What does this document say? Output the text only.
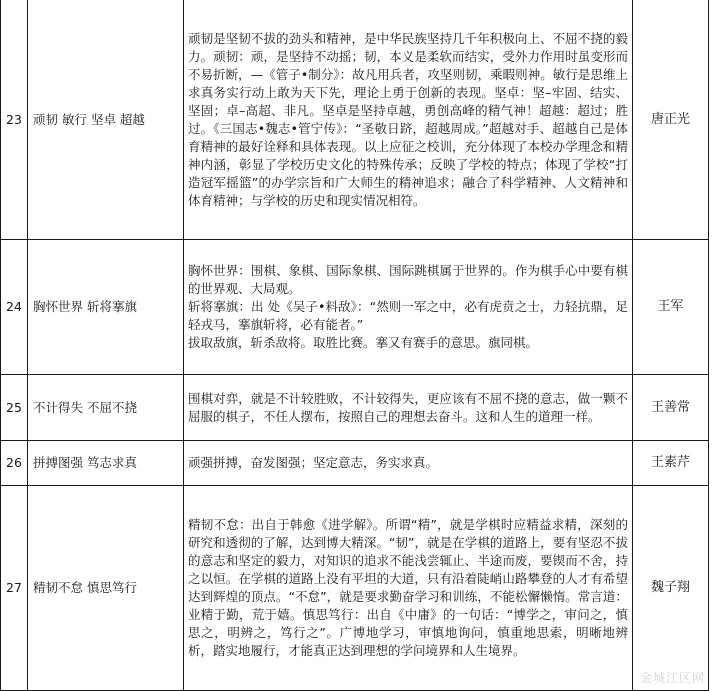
23	顽韧 敏行 坚卓 超越	顽韧是坚韧不拔的劲头和精神，是中华民族坚持几千年积极向上、不屈不挠的毅力。顽韧：顽，是坚持不动摇；韧，本义是柔软而结实，受外力作用时虽变形而不易折断，—《管子•制分》：故凡用兵者，攻坚则韧，乘暇则神。敏行是思维上求真务实行动上敢为天下先，理论上勇于创新的表现。坚卓：坚–牢固、结实、坚固；卓–高超、非凡。坚卓是坚持卓越，勇创高峰的精气神！超越：超过；胜过。《三国志•魏志•管宁传》：“圣敬日跻，超越周成。”超越对手、超越自己是体育精神的最好诠释和具体表现。以上应征之校训，充分体现了本校办学理念和精神内涵，彰显了学校历史文化的特殊传承；反映了学校的特点；体现了学校“打造冠军摇篮”的办学宗旨和广大师生的精神追求；融合了科学精神、人文精神和体育精神；与学校的历史和现实情况相符。	唐正光
24	胸怀世界 斩将搴旗	胸怀世界：围棋、象棋、国际象棋、国际跳棋属于世界的。作为棋手心中要有棋的世界观、大局观。

斩将搴旗：出 处《吴子•料敌》：“然则一军之中，必有虎贲之士，力轻抗鼎，足轻戎马，搴旗斩将，必有能者。”

拔取敌旗，斩杀敌将。取胜比赛。搴又有赛手的意思。旗同棋。	王军
25	不计得失 不屈不挠	围棋对弈，就是不计较胜败，不计较得失，更应该有不屈不挠的意志，做一颗不屈服的棋子，不任人摆布，按照自己的理想去奋斗。这和人生的道理一样。	王善常
26	拼搏图强 笃志求真	顽强拼搏，奋发图强；坚定意志，务实求真。	王素芹
27	精韧不怠 慎思笃行	精韧不怠：出自于韩愈《进学解》。所谓“精”，就是学棋时应精益求精，深刻的研究和透彻的了解，达到博大精深。“韧”，就是在学棋的道路上，要有坚忍不拔的意志和坚定的毅力，对知识的追求不能浅尝辄止、半途而废，要锲而不舍，持之以恒。在学棋的道路上没有平坦的大道，只有沿着陡峭山路攀登的人才有希望达到辉煌的顶点。“不怠”，就是要求勤奋学习和训练，不能松懈懒惰。常言道：业精于勤，荒于嬉。慎思笃行：出自《中庸》的一句话：“博学之，审问之，慎思之，明辨之，笃行之”。广博地学习，审慎地询问，慎重地思索，明晰地辨析，踏实地履行，才能真正达到理想的学问境界和人生境界。	魏子翔
金城江区网
